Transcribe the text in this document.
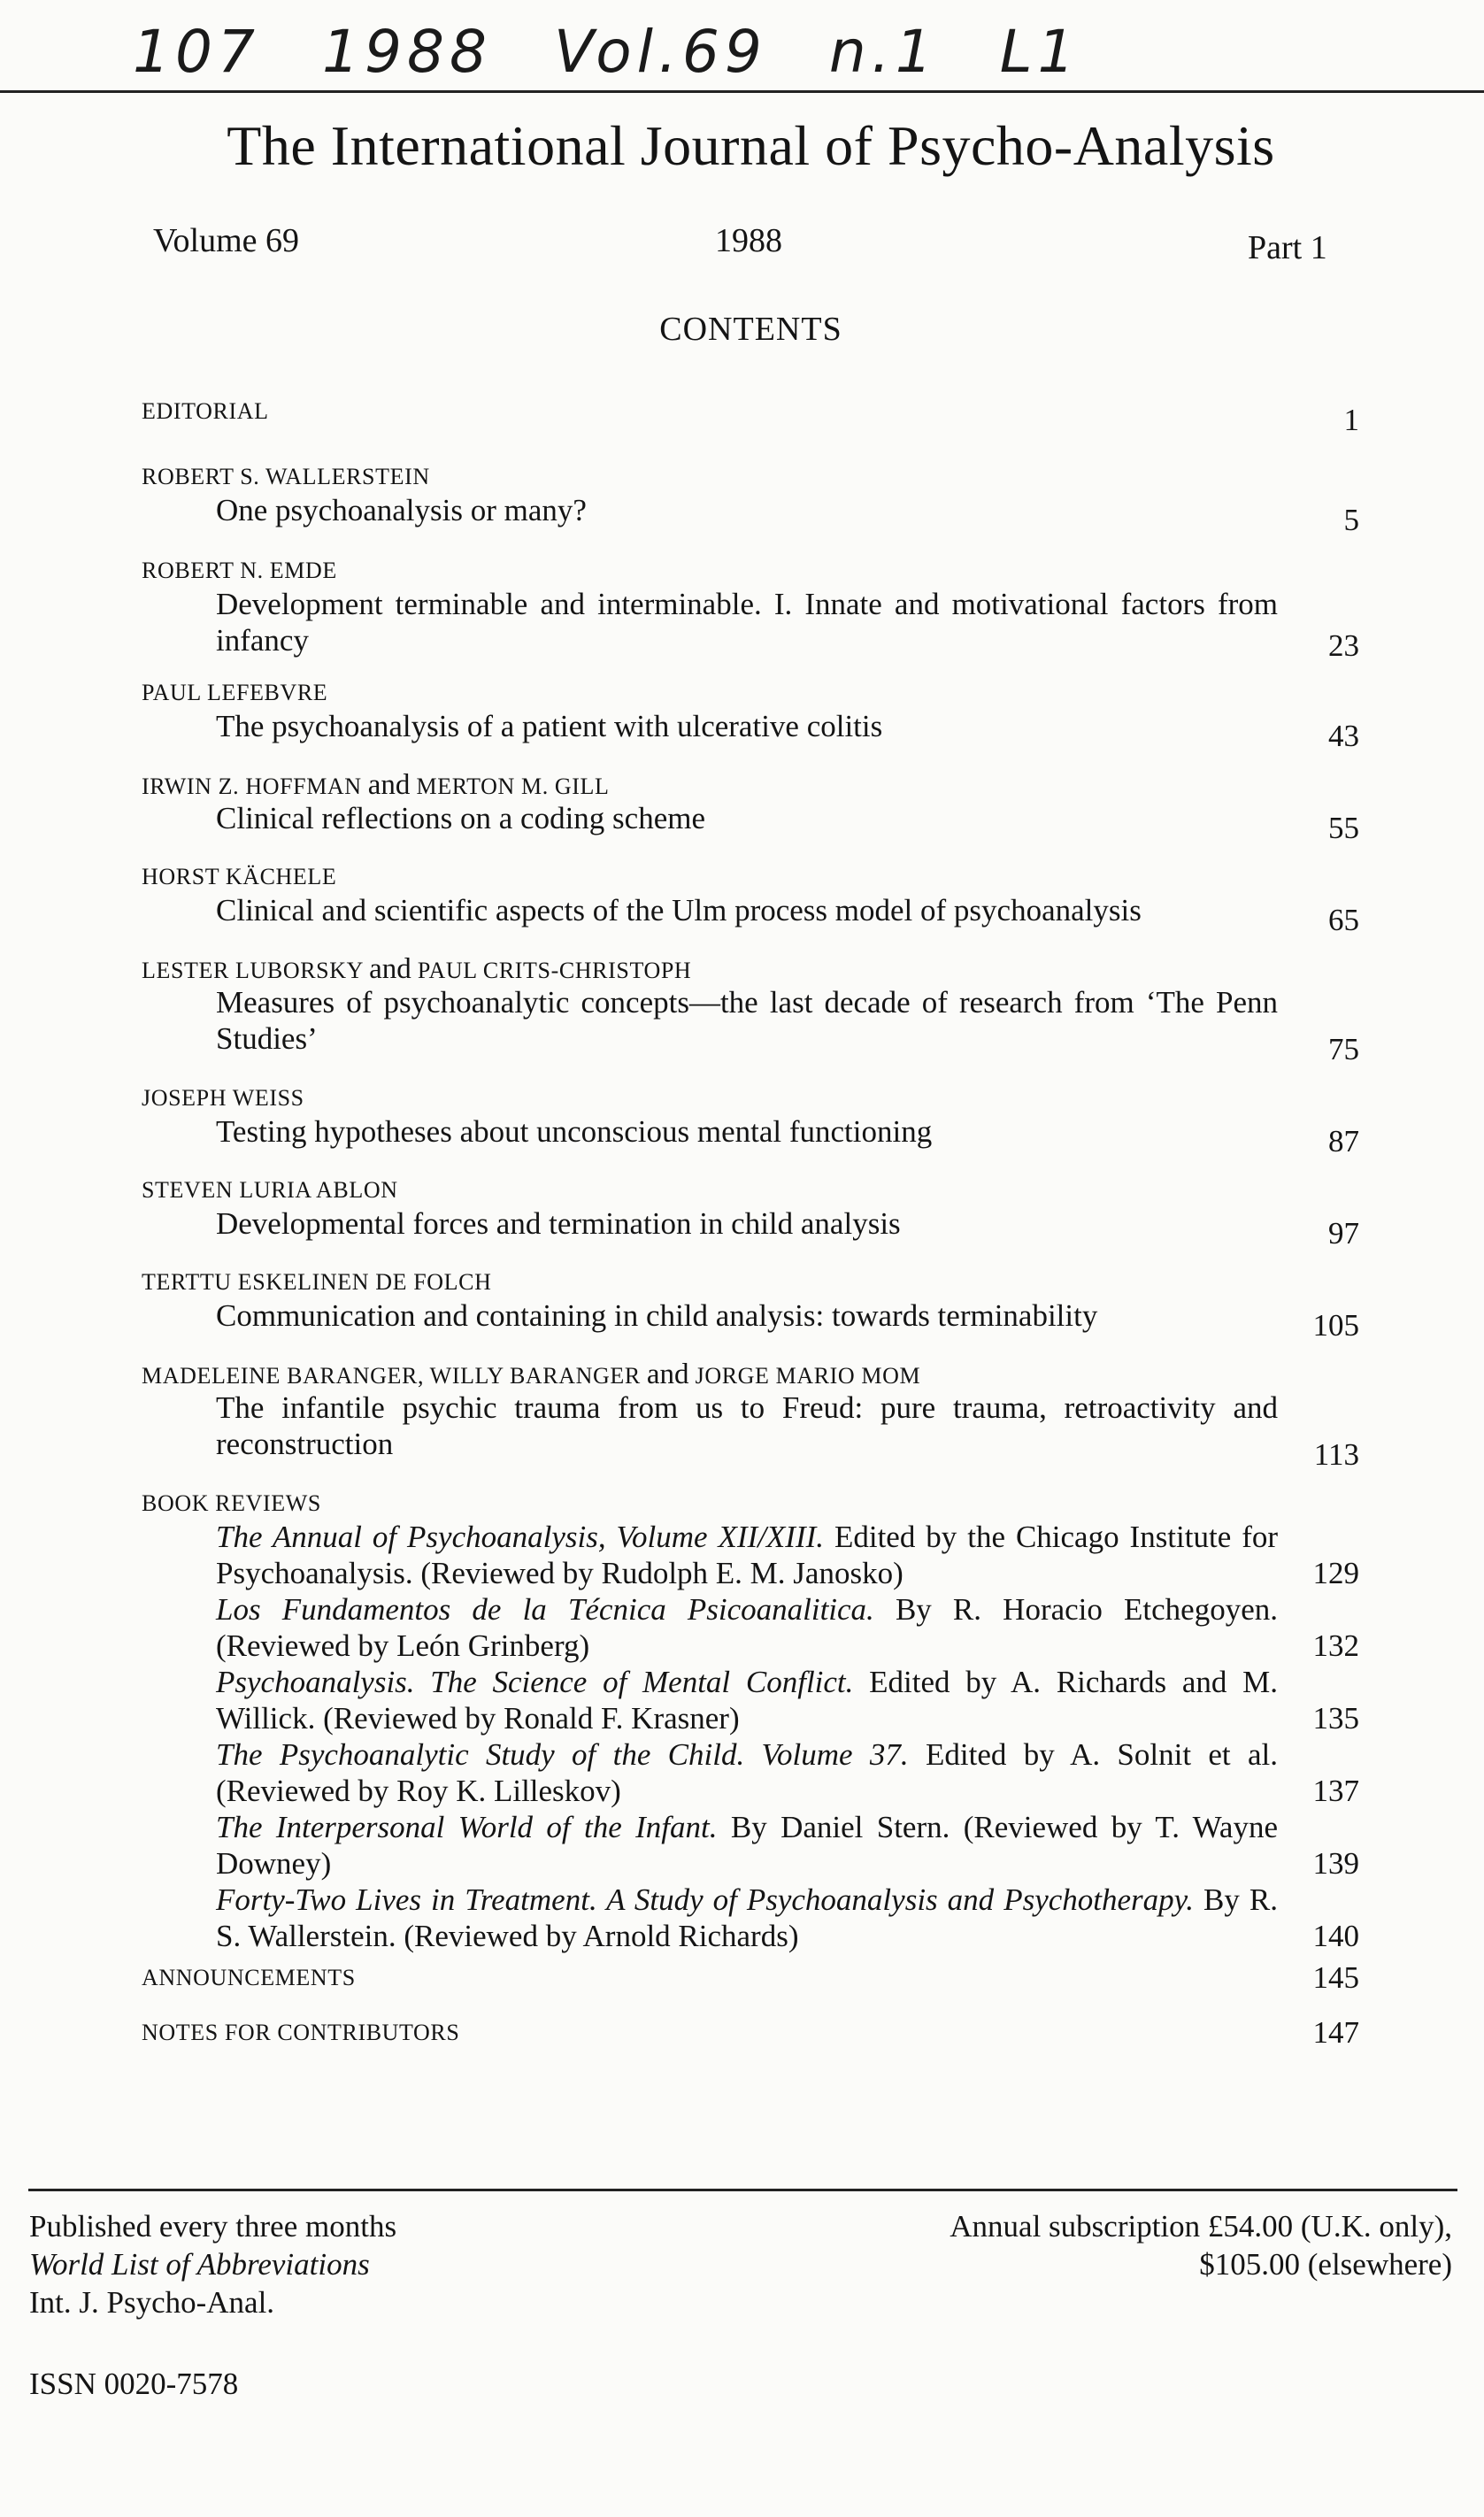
107 1988 Vol.69 n.1 L1
The International Journal of Psycho-Analysis
Volume 69	1988	Part 1
CONTENTS
EDITORIAL	1
ROBERT S. WALLERSTEIN
One psychoanalysis or many?	5
ROBERT N. EMDE
Development terminable and interminable. I. Innate and motivational factors from infancy	23
PAUL LEFEBVRE
The psychoanalysis of a patient with ulcerative colitis	43
IRWIN Z. HOFFMAN and MERTON M. GILL
Clinical reflections on a coding scheme	55
HORST KÄCHELE
Clinical and scientific aspects of the Ulm process model of psychoanalysis	65
LESTER LUBORSKY and PAUL CRITS-CHRISTOPH
Measures of psychoanalytic concepts—the last decade of research from ‘The Penn Studies’	75
JOSEPH WEISS
Testing hypotheses about unconscious mental functioning	87
STEVEN LURIA ABLON
Developmental forces and termination in child analysis	97
TERTTU ESKELINEN DE FOLCH
Communication and containing in child analysis: towards terminability	105
MADELEINE BARANGER, WILLY BARANGER and JORGE MARIO MOM
The infantile psychic trauma from us to Freud: pure trauma, retroactivity and reconstruction	113
BOOK REVIEWS
The Annual of Psychoanalysis, Volume XII/XIII. Edited by the Chicago Institute for Psychoanalysis. (Reviewed by Rudolph E. M. Janosko)	129
Los Fundamentos de la Técnica Psicoanalitica. By R. Horacio Etchegoyen. (Reviewed by León Grinberg)	132
Psychoanalysis. The Science of Mental Conflict. Edited by A. Richards and M. Willick. (Reviewed by Ronald F. Krasner)	135
The Psychoanalytic Study of the Child. Volume 37. Edited by A. Solnit et al. (Reviewed by Roy K. Lilleskov)	137
The Interpersonal World of the Infant. By Daniel Stern. (Reviewed by T. Wayne Downey)	139
Forty-Two Lives in Treatment. A Study of Psychoanalysis and Psychotherapy. By R. S. Wallerstein. (Reviewed by Arnold Richards)	140
ANNOUNCEMENTS	145
NOTES FOR CONTRIBUTORS	147
Published every three months
World List of Abbreviations
Int. J. Psycho-Anal.
Annual subscription £54.00 (U.K. only),
$105.00 (elsewhere)
ISSN 0020-7578
